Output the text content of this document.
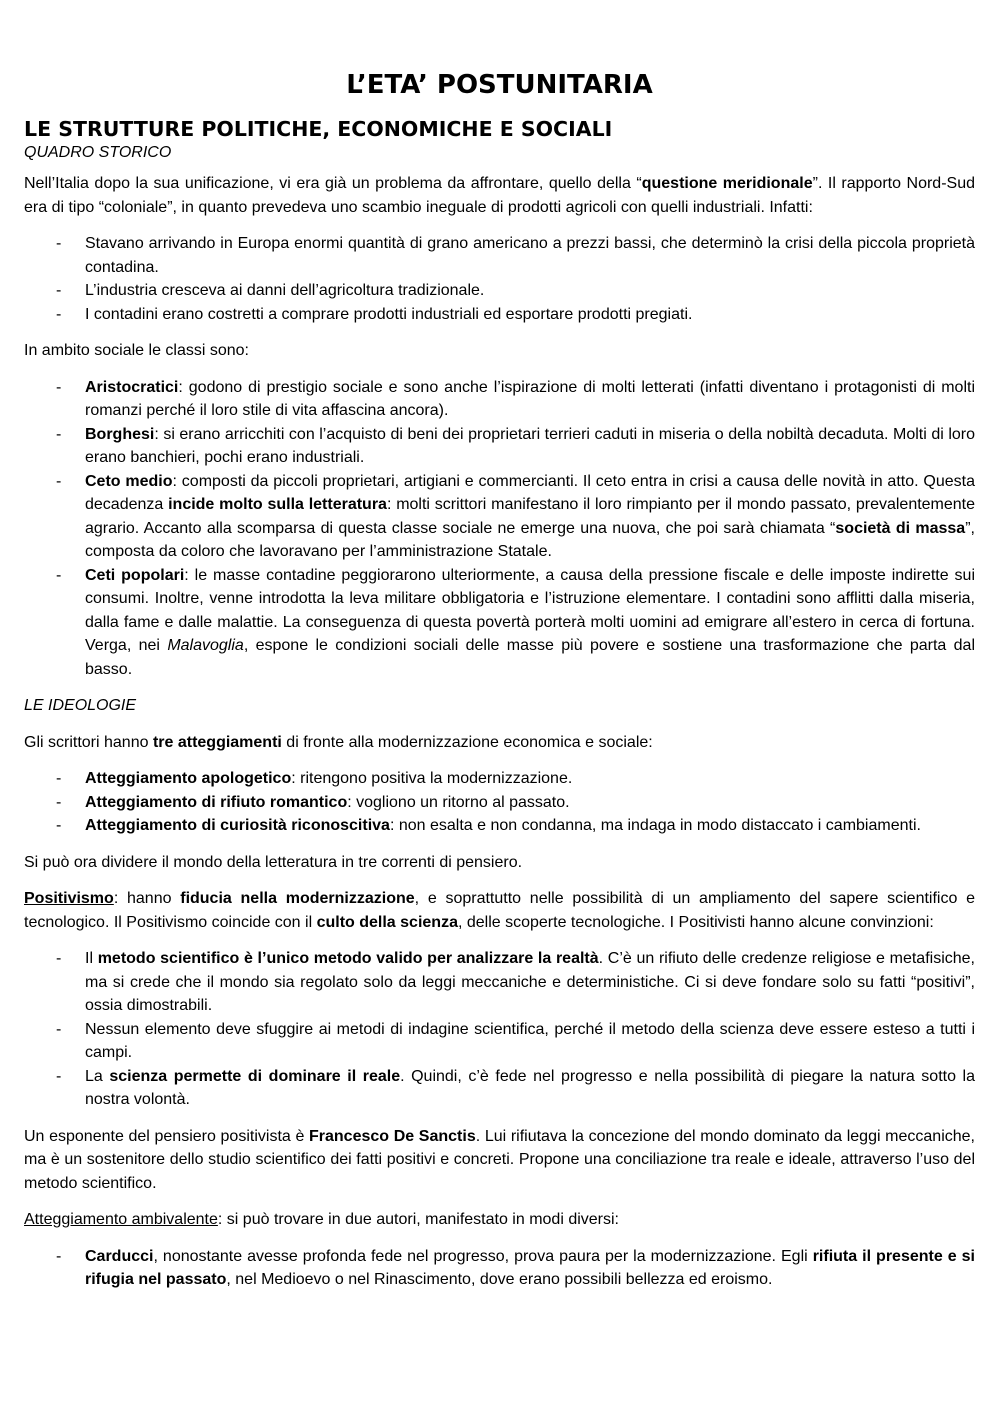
L’ETA’ POSTUNITARIA
LE STRUTTURE POLITICHE, ECONOMICHE E SOCIALI
QUADRO STORICO

Nell’Italia dopo la sua unificazione, vi era già un problema da affrontare, quello della “questione meridionale”. Il rapporto Nord-Sud era di tipo “coloniale”, in quanto prevedeva uno scambio ineguale di prodotti agricoli con quelli industriali. Infatti:

- Stavano arrivando in Europa enormi quantità di grano americano a prezzi bassi, che determinò la crisi della piccola proprietà contadina.
- L’industria cresceva ai danni dell’agricoltura tradizionale.
- I contadini erano costretti a comprare prodotti industriali ed esportare prodotti pregiati.

In ambito sociale le classi sono:

- Aristocratici: godono di prestigio sociale e sono anche l’ispirazione di molti letterati (infatti diventano i protagonisti di molti romanzi perché il loro stile di vita affascina ancora).
- Borghesi: si erano arricchiti con l’acquisto di beni dei proprietari terrieri caduti in miseria o della nobiltà decaduta. Molti di loro erano banchieri, pochi erano industriali.
- Ceto medio: composti da piccoli proprietari, artigiani e commercianti. Il ceto entra in crisi a causa delle novità in atto. Questa decadenza incide molto sulla letteratura: molti scrittori manifestano il loro rimpianto per il mondo passato, prevalentemente agrario. Accanto alla scomparsa di questa classe sociale ne emerge una nuova, che poi sarà chiamata “società di massa”, composta da coloro che lavoravano per l’amministrazione Statale.
- Ceti popolari: le masse contadine peggiorarono ulteriormente, a causa della pressione fiscale e delle imposte indirette sui consumi. Inoltre, venne introdotta la leva militare obbligatoria e l’istruzione elementare. I contadini sono afflitti dalla miseria, dalla fame e dalle malattie. La conseguenza di questa povertà porterà molti uomini ad emigrare all’estero in cerca di fortuna. Verga, nei Malavoglia, espone le condizioni sociali delle masse più povere e sostiene una trasformazione che parta dal basso.
LE IDEOLOGIE

Gli scrittori hanno tre atteggiamenti di fronte alla modernizzazione economica e sociale:

- Atteggiamento apologetico: ritengono positiva la modernizzazione.
- Atteggiamento di rifiuto romantico: vogliono un ritorno al passato.
- Atteggiamento di curiosità riconoscitiva: non esalta e non condanna, ma indaga in modo distaccato i cambiamenti.

Si può ora dividere il mondo della letteratura in tre correnti di pensiero.

Positivismo: hanno fiducia nella modernizzazione, e soprattutto nelle possibilità di un ampliamento del sapere scientifico e tecnologico. Il Positivismo coincide con il culto della scienza, delle scoperte tecnologiche. I Positivisti hanno alcune convinzioni:

- Il metodo scientifico è l’unico metodo valido per analizzare la realtà. C’è un rifiuto delle credenze religiose e metafisiche, ma si crede che il mondo sia regolato solo da leggi meccaniche e deterministiche. Ci si deve fondare solo su fatti “positivi”, ossia dimostrabili.
- Nessun elemento deve sfuggire ai metodi di indagine scientifica, perché il metodo della scienza deve essere esteso a tutti i campi.
- La scienza permette di dominare il reale. Quindi, c’è fede nel progresso e nella possibilità di piegare la natura sotto la nostra volontà.

Un esponente del pensiero positivista è Francesco De Sanctis. Lui rifiutava la concezione del mondo dominato da leggi meccaniche, ma è un sostenitore dello studio scientifico dei fatti positivi e concreti. Propone una conciliazione tra reale e ideale, attraverso l’uso del metodo scientifico.

Atteggiamento ambivalente: si può trovare in due autori, manifestato in modi diversi:

- Carducci, nonostante avesse profonda fede nel progresso, prova paura per la modernizzazione. Egli rifiuta il presente e si rifugia nel passato, nel Medioevo o nel Rinascimento, dove erano possibili bellezza ed eroismo.
